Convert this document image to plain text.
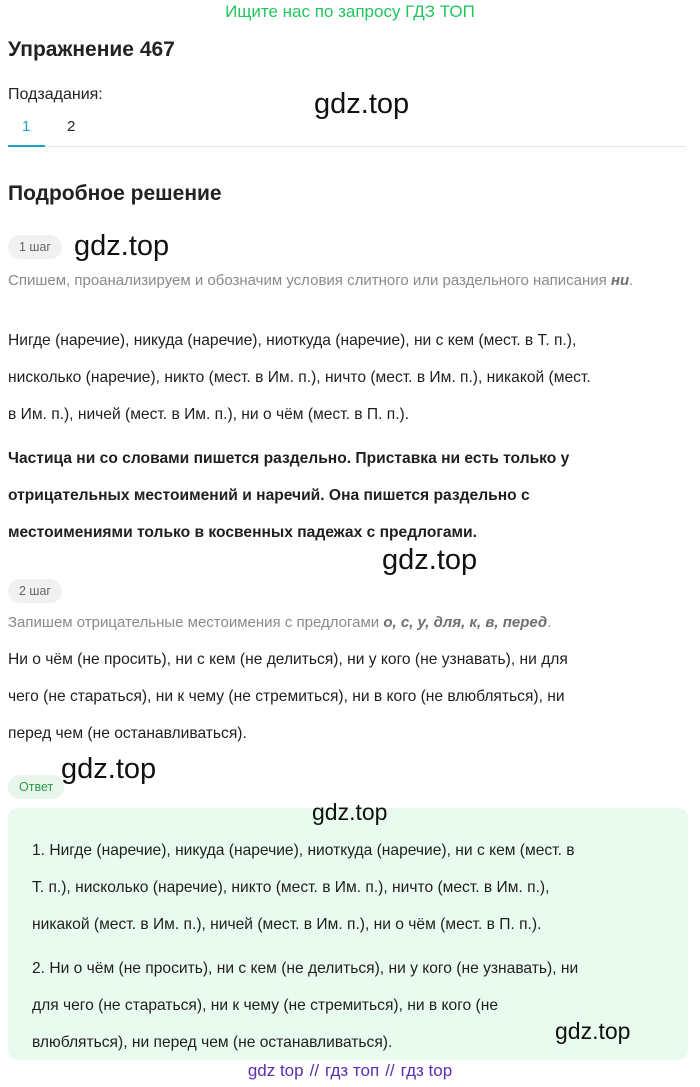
Ищите нас по запросу ГДЗ ТОП
Упражнение 467
Подзадания:
1 2
Подробное решение
1 шаг
Спишем, проанализируем и обозначим условия слитного или раздельного написания ни.
Нигде (наречие), никуда (наречие), ниоткуда (наречие), ни с кем (мест. в Т. п.),
нисколько (наречие), никто (мест. в Им. п.), ничто (мест. в Им. п.), никакой (мест.
в Им. п.), ничей (мест. в Им. п.), ни о чём (мест. в П. п.).
Частица ни со словами пишется раздельно. Приставка ни есть только у
отрицательных местоимений и наречий. Она пишется раздельно с
местоимениями только в косвенных падежах с предлогами.
2 шаг
Запишем отрицательные местоимения с предлогами о, с, у, для, к, в, перед.
Ни о чём (не просить), ни с кем (не делиться), ни у кого (не узнавать), ни для
чего (не стараться), ни к чему (не стремиться), ни в кого (не влюбляться), ни
перед чем (не останавливаться).
Ответ
1. Нигде (наречие), никуда (наречие), ниоткуда (наречие), ни с кем (мест. в
Т. п.), нисколько (наречие), никто (мест. в Им. п.), ничто (мест. в Им. п.),
никакой (мест. в Им. п.), ничей (мест. в Им. п.), ни о чём (мест. в П. п.).
2. Ни о чём (не просить), ни с кем (не делиться), ни у кого (не узнавать), ни
для чего (не стараться), ни к чему (не стремиться), ни в кого (не
влюбляться), ни перед чем (не останавливаться).
gdz.top
gdz.top
gdz.top
gdz.top
gdz.top
gdz.top
gdz top // гдз топ // гдз top
